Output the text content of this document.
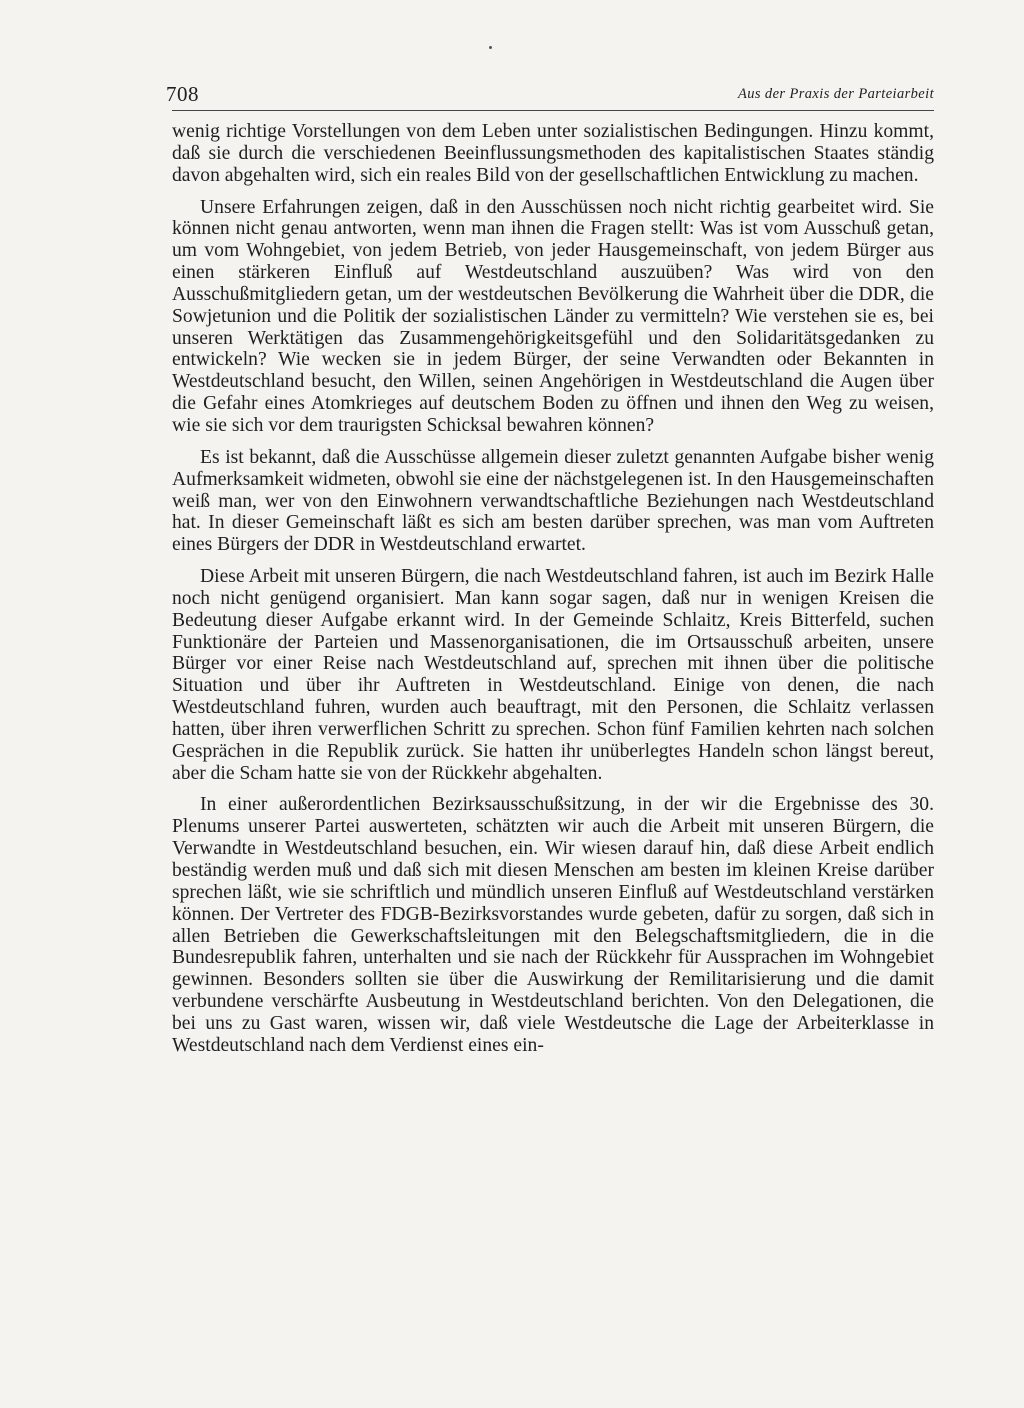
708	Aus der Praxis der Parteiarbeit

wenig richtige Vorstellungen von dem Leben unter sozialistischen Bedingungen. Hinzu kommt, daß sie durch die verschiedenen Beeinflussungsmethoden des kapitalistischen Staates ständig davon abgehalten wird, sich ein reales Bild von der gesellschaftlichen Entwicklung zu machen.

Unsere Erfahrungen zeigen, daß in den Ausschüssen noch nicht richtig gearbeitet wird. Sie können nicht genau antworten, wenn man ihnen die Fragen stellt: Was ist vom Ausschuß getan, um vom Wohngebiet, von jedem Betrieb, von jeder Hausgemeinschaft, von jedem Bürger aus einen stärkeren Einfluß auf Westdeutschland auszuüben? Was wird von den Ausschußmitgliedern getan, um der westdeutschen Bevölkerung die Wahrheit über die DDR, die Sowjetunion und die Politik der sozialistischen Länder zu vermitteln? Wie verstehen sie es, bei unseren Werktätigen das Zusammengehörigkeitsgefühl und den Solidaritätsgedanken zu entwickeln? Wie wecken sie in jedem Bürger, der seine Verwandten oder Bekannten in Westdeutschland besucht, den Willen, seinen Angehörigen in Westdeutschland die Augen über die Gefahr eines Atomkrieges auf deutschem Boden zu öffnen und ihnen den Weg zu weisen, wie sie sich vor dem traurigsten Schicksal bewahren können?

Es ist bekannt, daß die Ausschüsse allgemein dieser zuletzt genannten Aufgabe bisher wenig Aufmerksamkeit widmeten, obwohl sie eine der nächstgelegenen ist. In den Hausgemeinschaften weiß man, wer von den Einwohnern verwandtschaftliche Beziehungen nach Westdeutschland hat. In dieser Gemeinschaft läßt es sich am besten darüber sprechen, was man vom Auftreten eines Bürgers der DDR in Westdeutschland erwartet.

Diese Arbeit mit unseren Bürgern, die nach Westdeutschland fahren, ist auch im Bezirk Halle noch nicht genügend organisiert. Man kann sogar sagen, daß nur in wenigen Kreisen die Bedeutung dieser Aufgabe erkannt wird. In der Gemeinde Schlaitz, Kreis Bitterfeld, suchen Funktionäre der Parteien und Massenorganisationen, die im Ortsausschuß arbeiten, unsere Bürger vor einer Reise nach Westdeutschland auf, sprechen mit ihnen über die politische Situation und über ihr Auftreten in Westdeutschland. Einige von denen, die nach Westdeutschland fuhren, wurden auch beauftragt, mit den Personen, die Schlaitz verlassen hatten, über ihren verwerflichen Schritt zu sprechen. Schon fünf Familien kehrten nach solchen Gesprächen in die Republik zurück. Sie hatten ihr unüberlegtes Handeln schon längst bereut, aber die Scham hatte sie von der Rückkehr abgehalten.

In einer außerordentlichen Bezirksausschußsitzung, in der wir die Ergebnisse des 30. Plenums unserer Partei auswerteten, schätzten wir auch die Arbeit mit unseren Bürgern, die Verwandte in Westdeutschland besuchen, ein. Wir wiesen darauf hin, daß diese Arbeit endlich beständig werden muß und daß sich mit diesen Menschen am besten im kleinen Kreise darüber sprechen läßt, wie sie schriftlich und mündlich unseren Einfluß auf Westdeutschland verstärken können. Der Vertreter des FDGB-Bezirksvorstandes wurde gebeten, dafür zu sorgen, daß sich in allen Betrieben die Gewerkschaftsleitungen mit den Belegschaftsmitgliedern, die in die Bundesrepublik fahren, unterhalten und sie nach der Rückkehr für Aussprachen im Wohngebiet gewinnen. Besonders sollten sie über die Auswirkung der Remilitarisierung und die damit verbundene verschärfte Ausbeutung in Westdeutschland berichten. Von den Delegationen, die bei uns zu Gast waren, wissen wir, daß viele Westdeutsche die Lage der Arbeiterklasse in Westdeutschland nach dem Verdienst eines ein-
